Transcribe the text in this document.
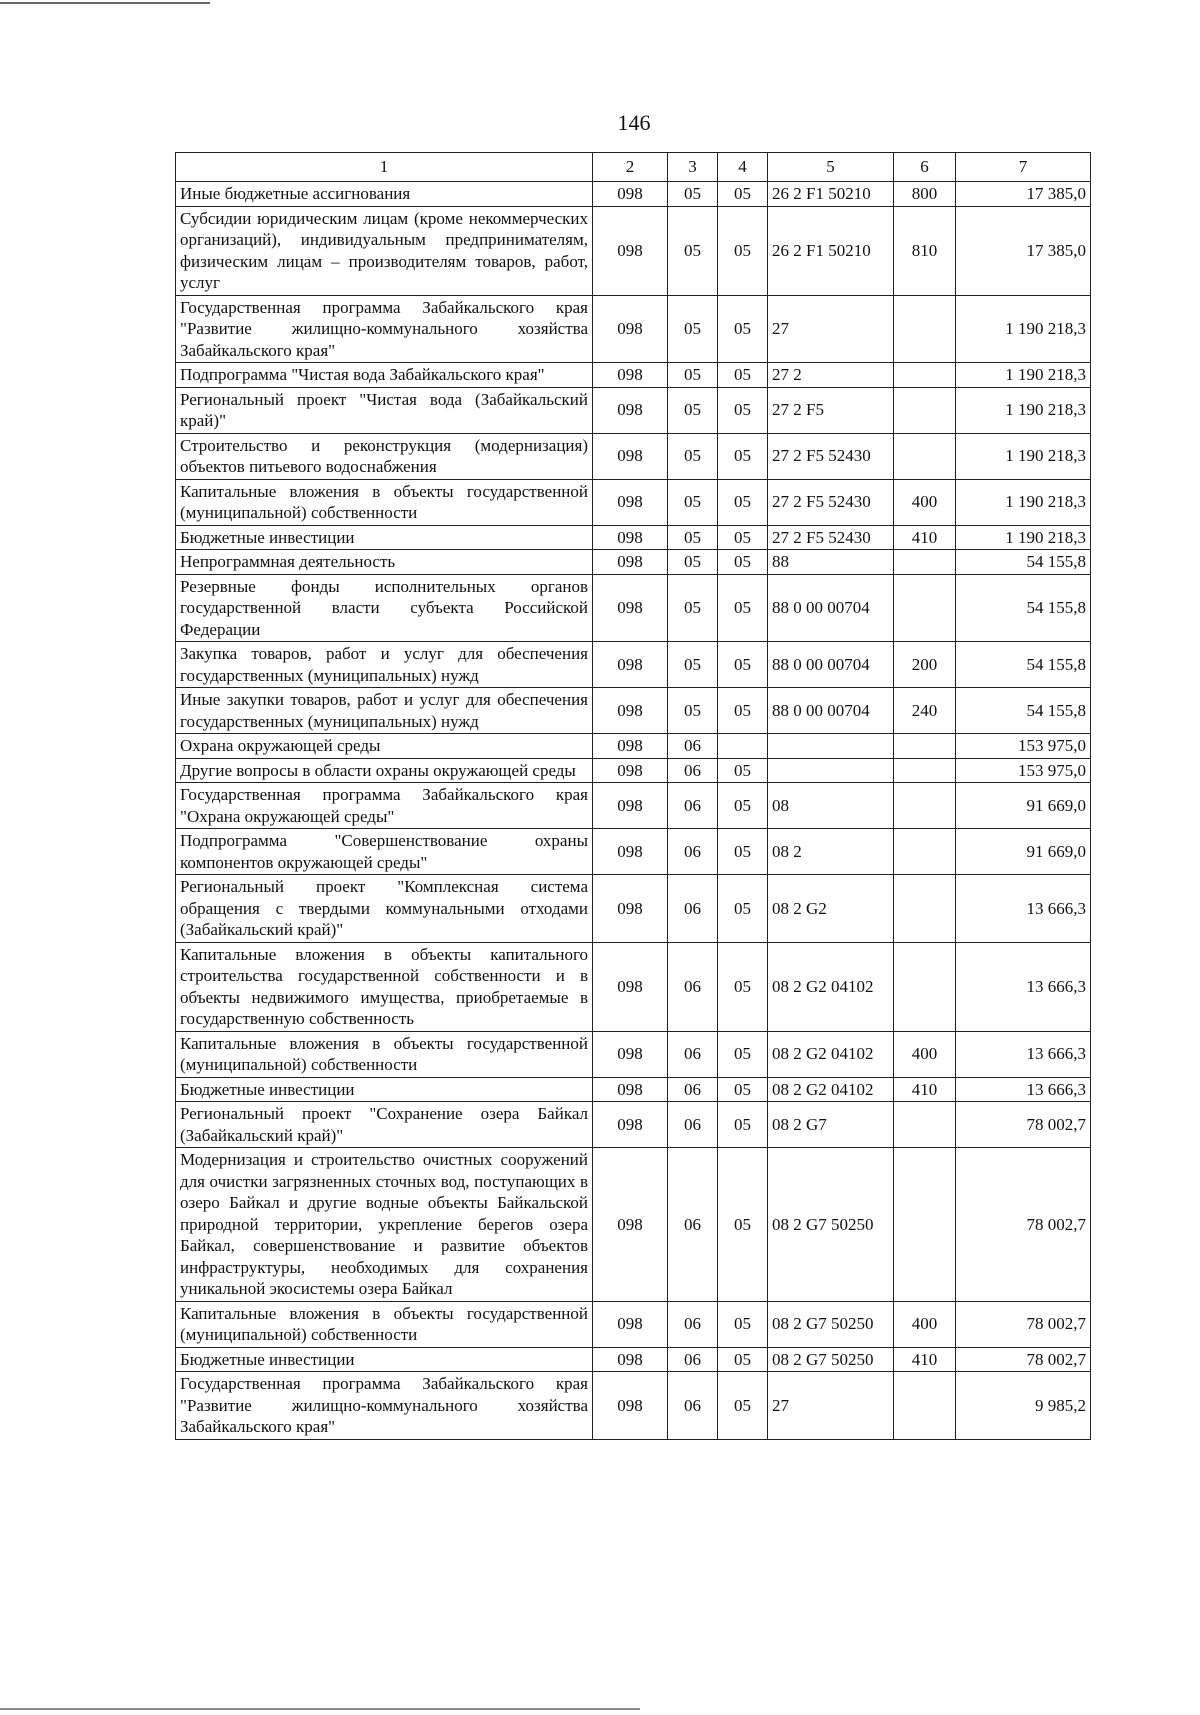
146
1	2	3	4	5	6	7
Иные бюджетные ассигнования	098	05	05	26 2 F1 50210	800	17 385,0
Субсидии юридическим лицам (кроме некоммерческих организаций), индивидуальным предпринимателям, физическим лицам – производителям товаров, работ, услуг	098	05	05	26 2 F1 50210	810	17 385,0
Государственная программа Забайкальского края "Развитие жилищно-коммунального хозяйства Забайкальского края"	098	05	05	27		1 190 218,3
Подпрограмма "Чистая вода Забайкальского края"	098	05	05	27 2		1 190 218,3
Региональный проект "Чистая вода (Забайкальский край)"	098	05	05	27 2 F5		1 190 218,3
Строительство и реконструкция (модернизация) объектов питьевого водоснабжения	098	05	05	27 2 F5 52430		1 190 218,3
Капитальные вложения в объекты государственной (муниципальной) собственности	098	05	05	27 2 F5 52430	400	1 190 218,3
Бюджетные инвестиции	098	05	05	27 2 F5 52430	410	1 190 218,3
Непрограммная деятельность	098	05	05	88		54 155,8
Резервные фонды исполнительных органов государственной власти субъекта Российской Федерации	098	05	05	88 0 00 00704		54 155,8
Закупка товаров, работ и услуг для обеспечения государственных (муниципальных) нужд	098	05	05	88 0 00 00704	200	54 155,8
Иные закупки товаров, работ и услуг для обеспечения государственных (муниципальных) нужд	098	05	05	88 0 00 00704	240	54 155,8
Охрана окружающей среды	098	06				153 975,0
Другие вопросы в области охраны окружающей среды	098	06	05			153 975,0
Государственная программа Забайкальского края "Охрана окружающей среды"	098	06	05	08		91 669,0
Подпрограмма "Совершенствование охраны компонентов окружающей среды"	098	06	05	08 2		91 669,0
Региональный проект "Комплексная система обращения с твердыми коммунальными отходами (Забайкальский край)"	098	06	05	08 2 G2		13 666,3
Капитальные вложения в объекты капитального строительства государственной собственности и в объекты недвижимого имущества, приобретаемые в государственную собственность	098	06	05	08 2 G2 04102		13 666,3
Капитальные вложения в объекты государственной (муниципальной) собственности	098	06	05	08 2 G2 04102	400	13 666,3
Бюджетные инвестиции	098	06	05	08 2 G2 04102	410	13 666,3
Региональный проект "Сохранение озера Байкал (Забайкальский край)"	098	06	05	08 2 G7		78 002,7
Модернизация и строительство очистных сооружений для очистки загрязненных сточных вод, поступающих в озеро Байкал и другие водные объекты Байкальской природной территории, укрепление берегов озера Байкал, совершенствование и развитие объектов инфраструктуры, необходимых для сохранения уникальной экосистемы озера Байкал	098	06	05	08 2 G7 50250		78 002,7
Капитальные вложения в объекты государственной (муниципальной) собственности	098	06	05	08 2 G7 50250	400	78 002,7
Бюджетные инвестиции	098	06	05	08 2 G7 50250	410	78 002,7
Государственная программа Забайкальского края "Развитие жилищно-коммунального хозяйства Забайкальского края"	098	06	05	27		9 985,2
